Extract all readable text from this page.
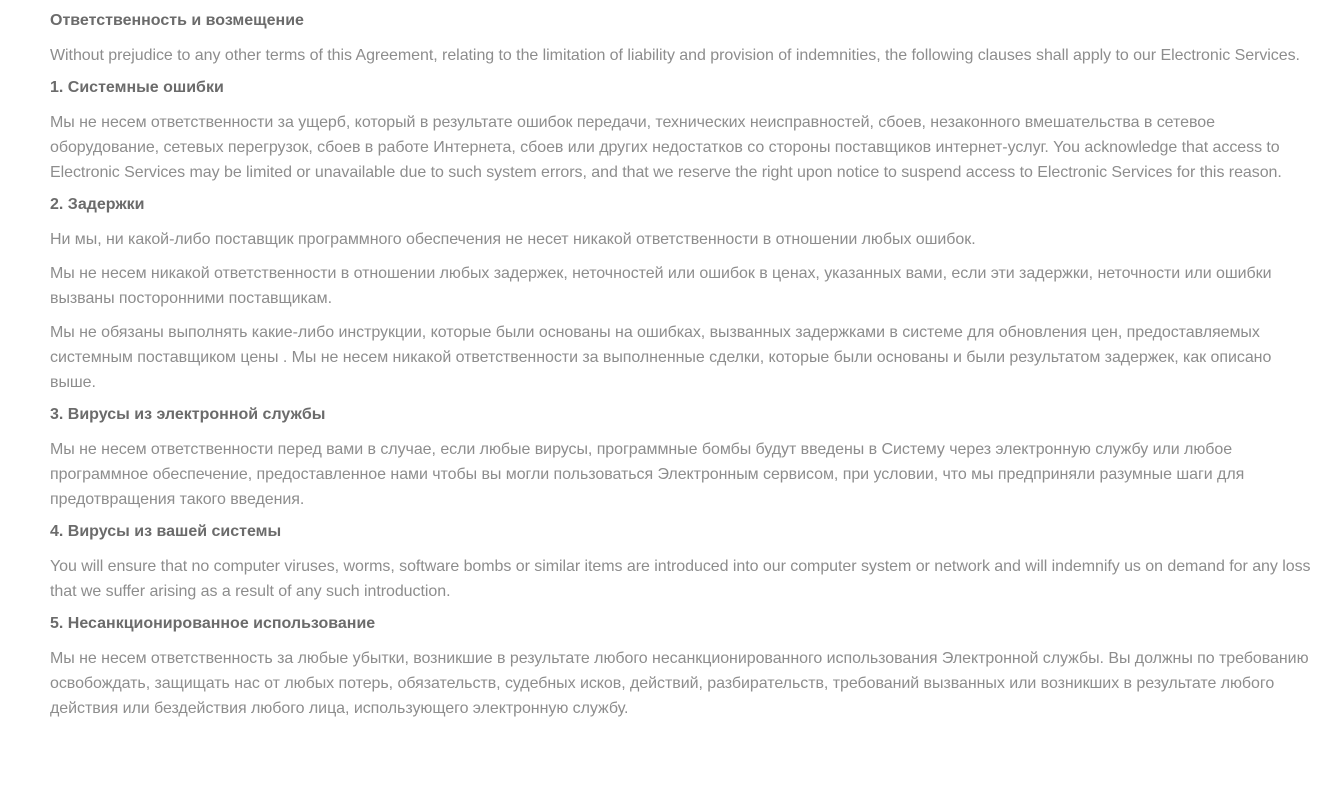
Ответственность и возмещение
Without prejudice to any other terms of this Agreement, relating to the limitation of liability and provision of indemnities, the following clauses shall apply to our Electronic Services.
1. Системные ошибки
Мы не несем ответственности за ущерб, который в результате ошибок передачи, технических неисправностей, сбоев, незаконного вмешательства в сетевое оборудование, сетевых перегрузок, сбоев в работе Интернета, сбоев или других недостатков со стороны поставщиков интернет-услуг. You acknowledge that access to Electronic Services may be limited or unavailable due to such system errors, and that we reserve the right upon notice to suspend access to Electronic Services for this reason.
2. Задержки
Ни мы, ни какой-либо поставщик программного обеспечения не несет никакой ответственности в отношении любых ошибок.
Мы не несем никакой ответственности в отношении любых задержек, неточностей или ошибок в ценах, указанных вами, если эти задержки, неточности или ошибки вызваны посторонними поставщикам.
Мы не обязаны выполнять какие-либо инструкции, которые были основаны на ошибках, вызванных задержками в системе для обновления цен, предоставляемых системным поставщиком цены . Мы не несем никакой ответственности за выполненные сделки, которые были основаны и были результатом задержек, как описано выше.
3. Вирусы из электронной службы
Мы не несем ответственности перед вами в случае, если любые вирусы, программные бомбы будут введены в Систему через электронную службу или любое программное обеспечение, предоставленное нами чтобы вы могли пользоваться Электронным сервисом, при условии, что мы предприняли разумные шаги для предотвращения такого введения.
4. Вирусы из вашей системы
You will ensure that no computer viruses, worms, software bombs or similar items are introduced into our computer system or network and will indemnify us on demand for any loss that we suffer arising as a result of any such introduction.
5. Несанкционированное использование
Мы не несем ответственность за любые убытки, возникшие в результате любого несанкционированного использования Электронной службы. Вы должны по требованию освобождать, защищать нас от любых потерь, обязательств, судебных исков, действий, разбирательств, требований вызванных или возникших в результате любого действия или бездействия любого лица, использующего электронную службу.
